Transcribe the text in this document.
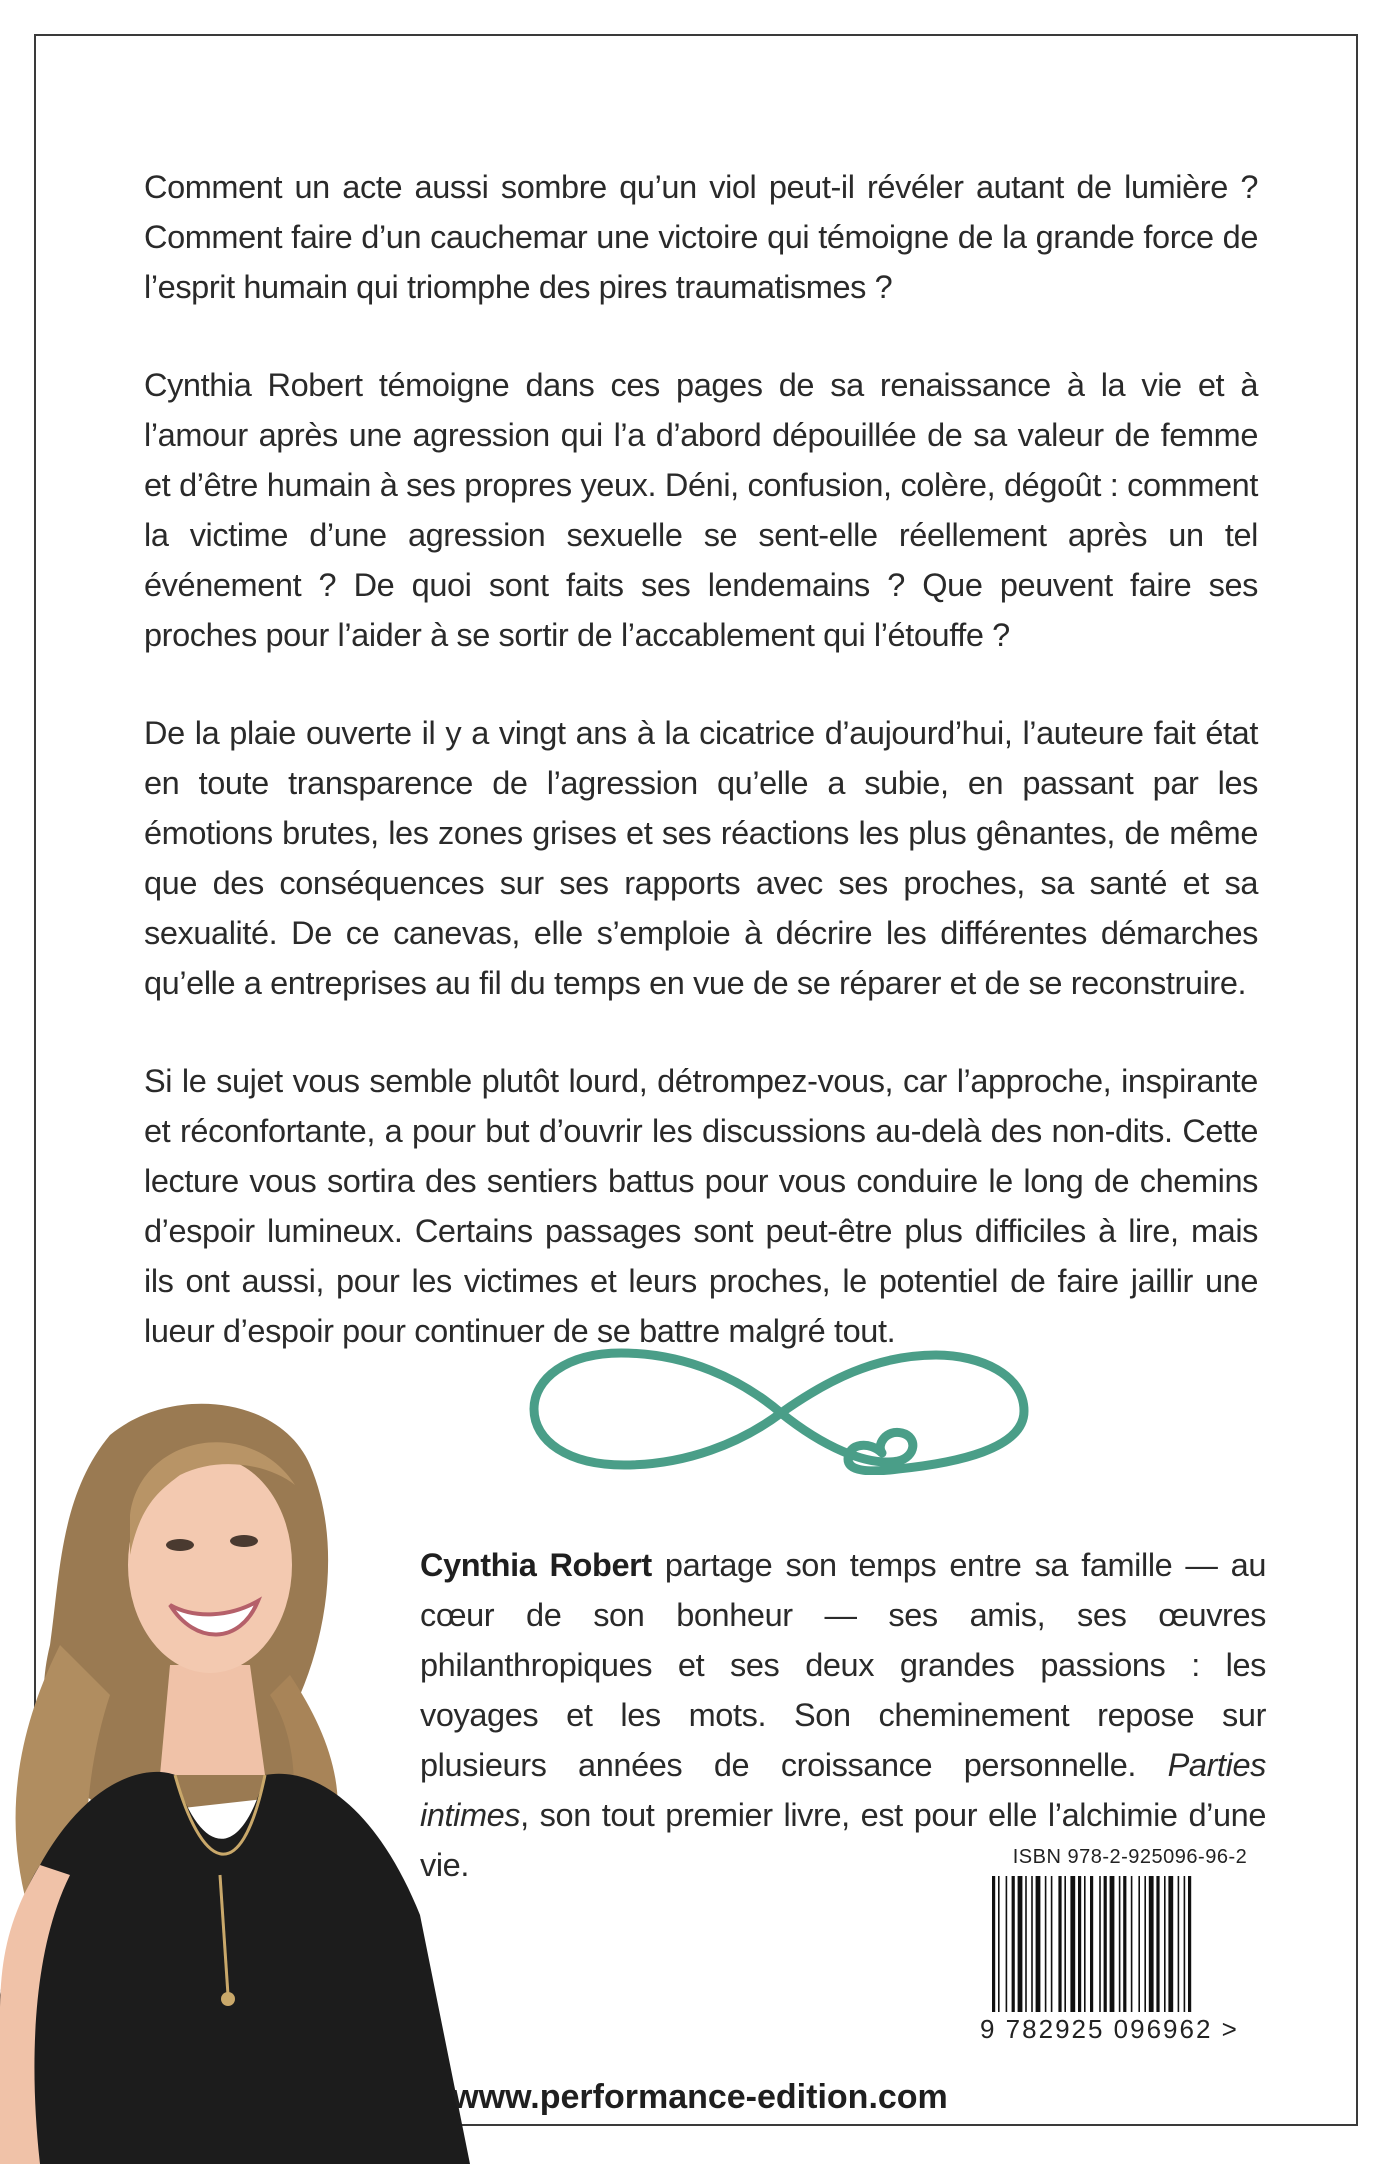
Comment un acte aussi sombre qu’un viol peut-il révéler autant de lumière ? Comment faire d’un cauchemar une victoire qui témoigne de la grande force de l’esprit humain qui triomphe des pires traumatismes ?

Cynthia Robert témoigne dans ces pages de sa renaissance à la vie et à l’amour après une agression qui l’a d’abord dépouillée de sa valeur de femme et d’être humain à ses propres yeux. Déni, confusion, colère, dégoût : comment la victime d’une agression sexuelle se sent-elle réellement après un tel événement ? De quoi sont faits ses lendemains ? Que peuvent faire ses proches pour l’aider à se sortir de l’accablement qui l’étouffe ?

De la plaie ouverte il y a vingt ans à la cicatrice d’aujourd’hui, l’auteure fait état en toute transparence de l’agression qu’elle a subie, en passant par les émotions brutes, les zones grises et ses réactions les plus gênantes, de même que des conséquences sur ses rapports avec ses proches, sa santé et sa sexualité. De ce canevas, elle s’emploie à décrire les différentes démarches qu’elle a entreprises au fil du temps en vue de se réparer et de se reconstruire.

Si le sujet vous semble plutôt lourd, détrompez-vous, car l’approche, inspirante et réconfortante, a pour but d’ouvrir les discussions au-delà des non-dits. Cette lecture vous sortira des sentiers battus pour vous conduire le long de chemins d’espoir lumineux. Certains passages sont peut-être plus difficiles à lire, mais ils ont aussi, pour les victimes et leurs proches, le potentiel de faire jaillir une lueur d’espoir pour continuer de se battre malgré tout.

Cynthia Robert partage son temps entre sa famille — au cœur de son bonheur — ses amis, ses œuvres philanthropiques et ses deux grandes passions : les voyages et les mots. Son cheminement repose sur plusieurs années de croissance personnelle. Parties intimes, son tout premier livre, est pour elle l’alchimie d’une vie.	ISBN 978-2-925096-96-2
9 782925 096962 >
www.performance-edition.com
